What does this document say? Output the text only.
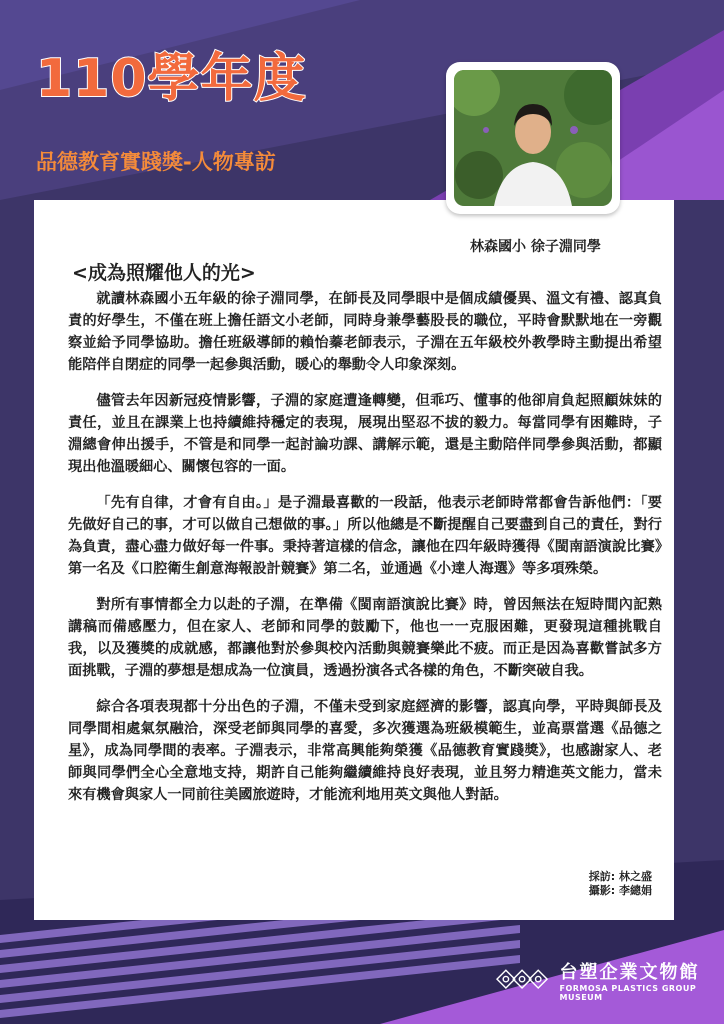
110學年度
品德教育實踐獎-人物專訪
林森國小 徐子淵同學
<成為照耀他人的光>

就讀林森國小五年級的徐子淵同學，在師長及同學眼中是個成績優異、溫文有禮、認真負責的好學生，不僅在班上擔任語文小老師，同時身兼學藝股長的職位，平時會默默地在一旁觀察並給予同學協助。擔任班級導師的賴怡蓁老師表示，子淵在五年級校外教學時主動提出希望能陪伴自閉症的同學一起參與活動，暖心的舉動令人印象深刻。

儘管去年因新冠疫情影響，子淵的家庭遭逢轉變，但乖巧、懂事的他卻肩負起照顧妹妹的責任，並且在課業上也持續維持穩定的表現，展現出堅忍不拔的毅力。每當同學有困難時，子淵總會伸出援手，不管是和同學一起討論功課、講解示範，還是主動陪伴同學參與活動，都顯現出他溫暖細心、關懷包容的一面。

「先有自律，才會有自由。」是子淵最喜歡的一段話，他表示老師時常都會告訴他們：「要先做好自己的事，才可以做自己想做的事。」所以他總是不斷提醒自己要盡到自己的責任，對行為負責，盡心盡力做好每一件事。秉持著這樣的信念，讓他在四年級時獲得《閩南語演說比賽》第一名及《口腔衛生創意海報設計競賽》第二名，並通過《小達人海選》等多項殊榮。

對所有事情都全力以赴的子淵，在準備《閩南語演說比賽》時，曾因無法在短時間內記熟講稿而備感壓力，但在家人、老師和同學的鼓勵下，他也一一克服困難，更發現這種挑戰自我，以及獲獎的成就感，都讓他對於參與校內活動與競賽樂此不疲。而正是因為喜歡嘗試多方面挑戰，子淵的夢想是想成為一位演員，透過扮演各式各樣的角色，不斷突破自我。

綜合各項表現都十分出色的子淵，不僅未受到家庭經濟的影響，認真向學，平時與師長及同學間相處氣氛融洽，深受老師與同學的喜愛，多次獲選為班級模範生，並高票當選《品德之星》，成為同學間的表率。子淵表示，非常高興能夠榮獲《品德教育實踐獎》，也感謝家人、老師與同學們全心全意地支持，期許自己能夠繼續維持良好表現，並且努力精進英文能力，當未來有機會與家人一同前往美國旅遊時，才能流利地用英文與他人對話。

採訪: 林之盛
攝影: 李總娟
台塑企業文物館
FORMOSA PLASTICS GROUP MUSEUM
